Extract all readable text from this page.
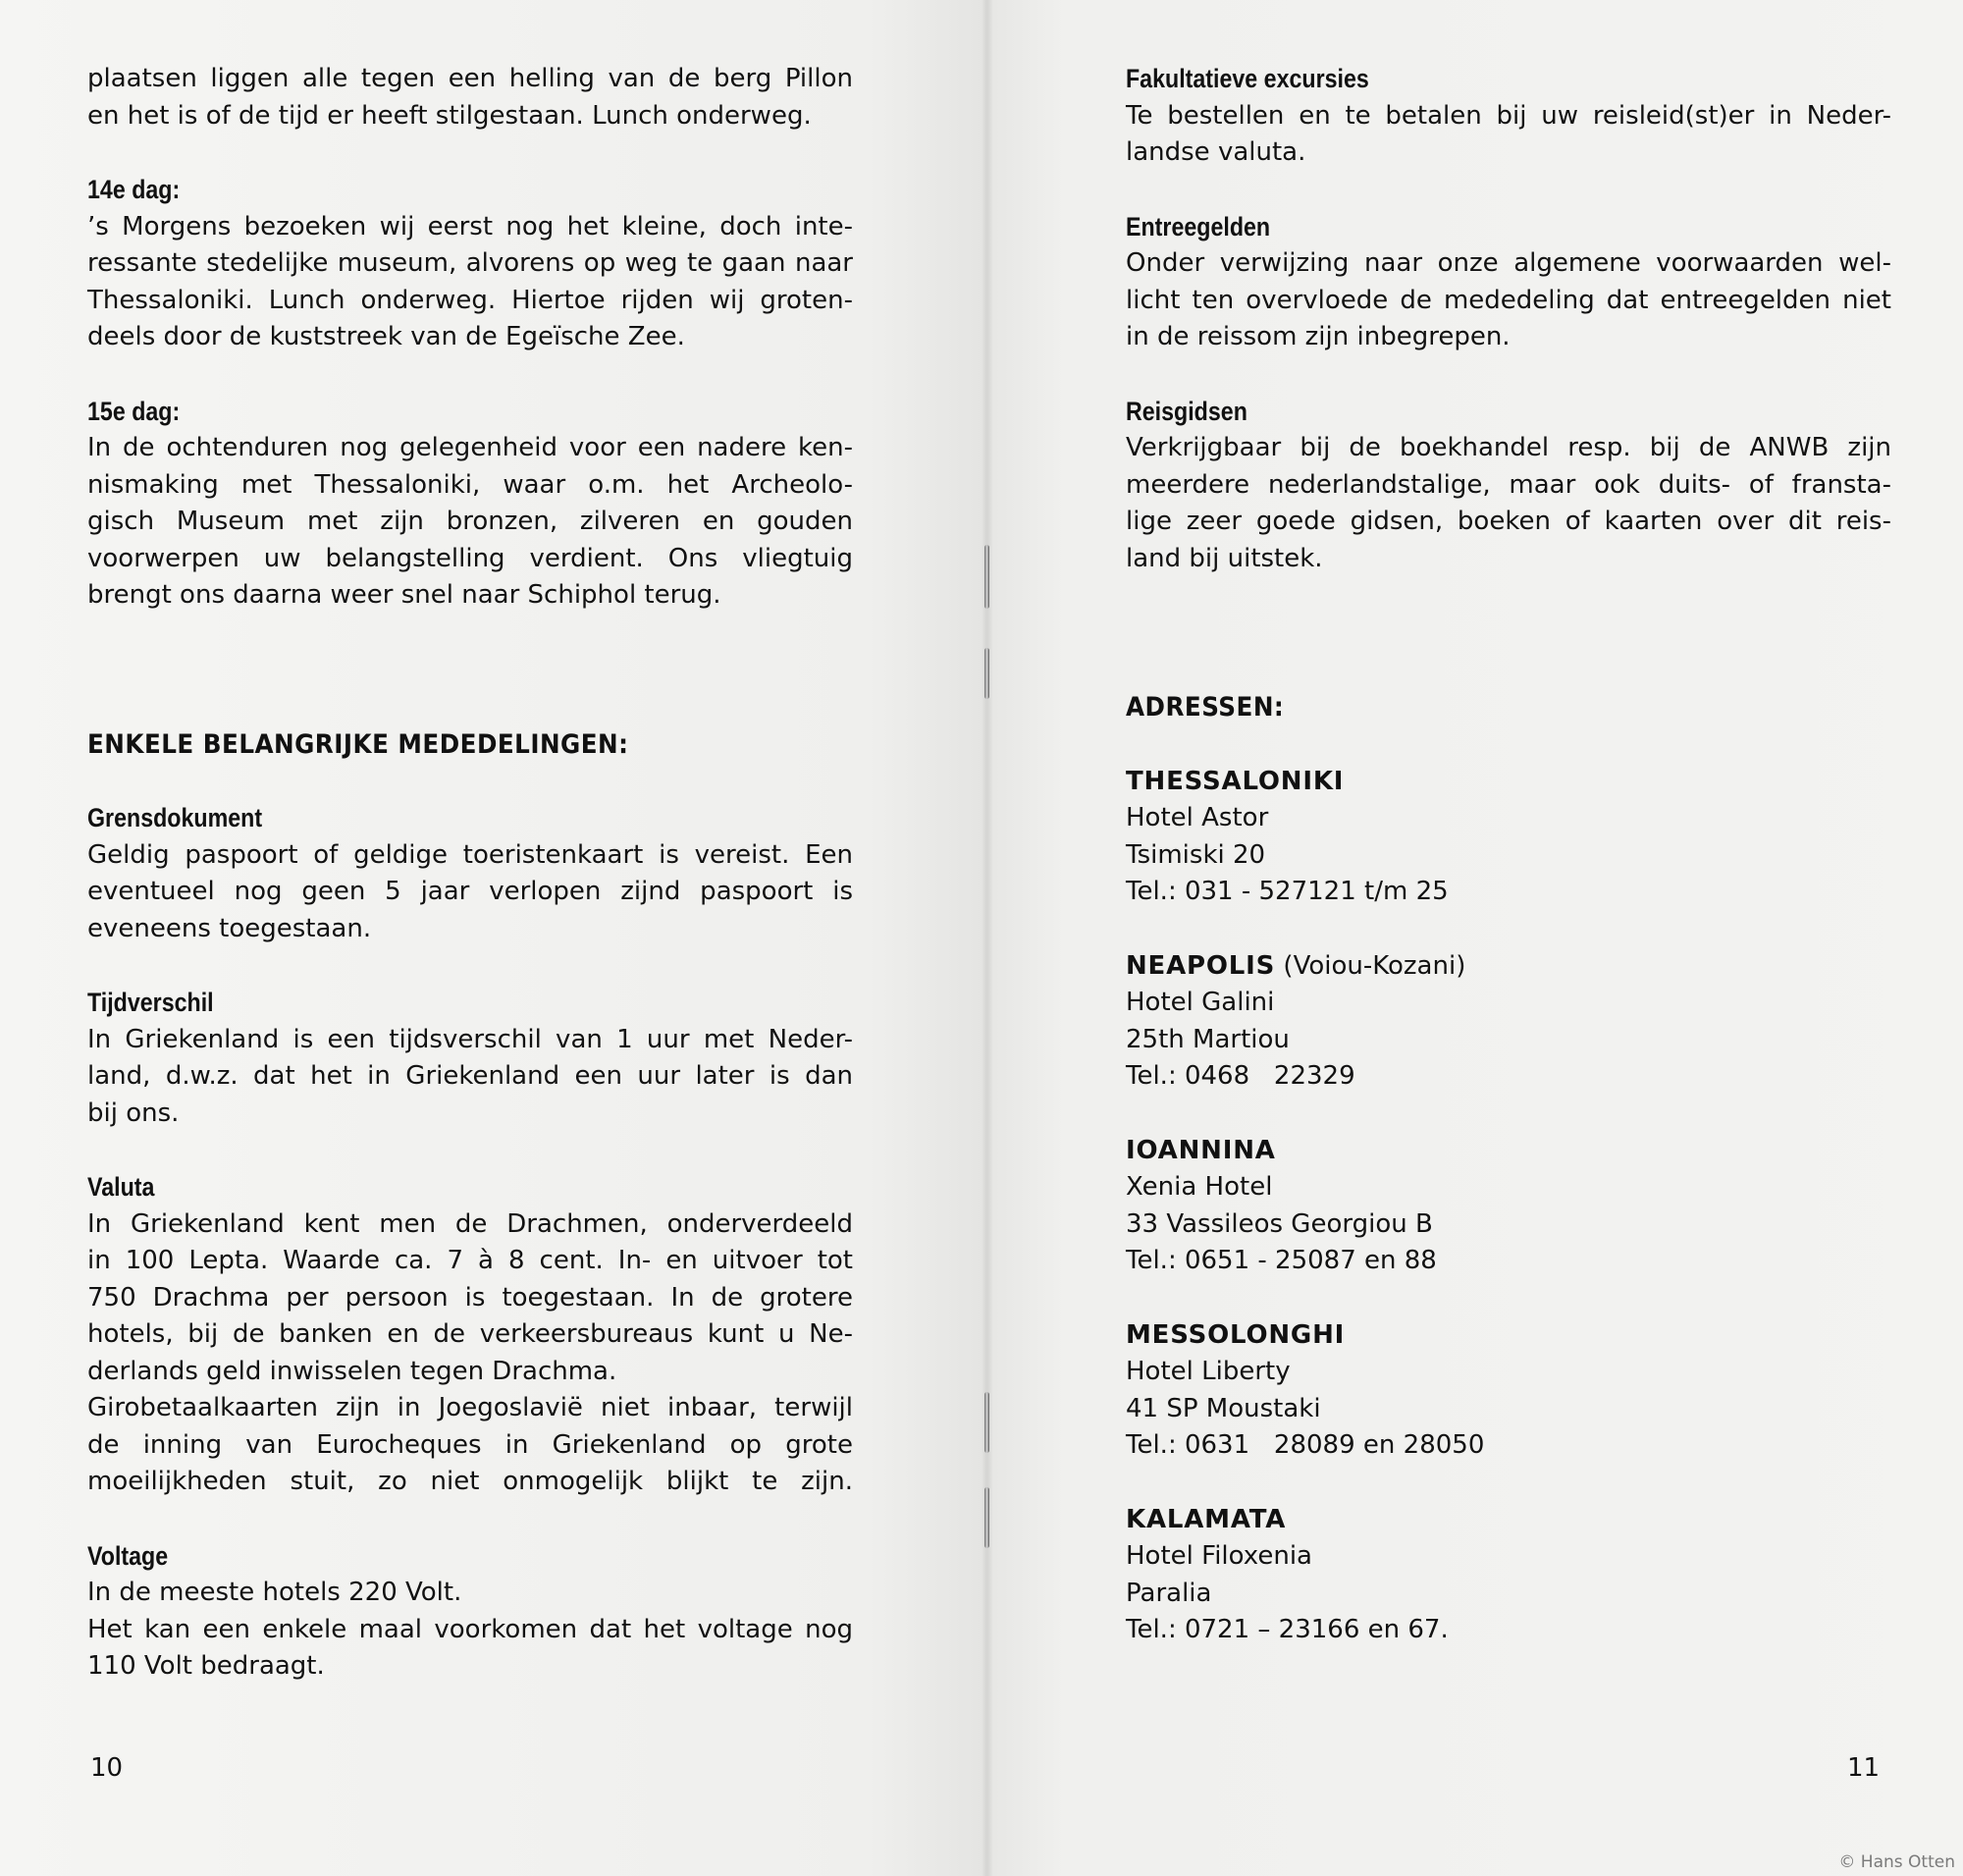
plaatsen liggen alle tegen een helling van de berg Pillon
en het is of de tijd er heeft stilgestaan. Lunch onderweg.
14e dag:
’s Morgens bezoeken wij eerst nog het kleine, doch inte-
ressante stedelijke museum, alvorens op weg te gaan naar
Thessaloniki. Lunch onderweg. Hiertoe rijden wij groten-
deels door de kuststreek van de Egeïsche Zee.
15e dag:
In de ochtenduren nog gelegenheid voor een nadere ken-
nismaking met Thessaloniki, waar o.m. het Archeolo-
gisch Museum met zijn bronzen, zilveren en gouden
voorwerpen uw belangstelling verdient. Ons vliegtuig
brengt ons daarna weer snel naar Schiphol terug.
ENKELE BELANGRIJKE MEDEDELINGEN:
Grensdokument
Geldig paspoort of geldige toeristenkaart is vereist. Een
eventueel nog geen 5 jaar verlopen zijnd paspoort is
eveneens toegestaan.
Tijdverschil
In Griekenland is een tijdsverschil van 1 uur met Neder-
land, d.w.z. dat het in Griekenland een uur later is dan
bij ons.
Valuta
In Griekenland kent men de Drachmen, onderverdeeld
in 100 Lepta. Waarde ca. 7 à 8 cent. In- en uitvoer tot
750 Drachma per persoon is toegestaan. In de grotere
hotels, bij de banken en de verkeersbureaus kunt u Ne-
derlands geld inwisselen tegen Drachma.
Girobetaalkaarten zijn in Joegoslavië niet inbaar, terwijl
de inning van Eurocheques in Griekenland op grote
moeilijkheden stuit, zo niet onmogelijk blijkt te zijn.
Voltage
In de meeste hotels 220 Volt.
Het kan een enkele maal voorkomen dat het voltage nog
110 Volt bedraagt.
Fakultatieve excursies
Te bestellen en te betalen bij uw reisleid(st)er in Neder-
landse valuta.
Entreegelden
Onder verwijzing naar onze algemene voorwaarden wel-
licht ten overvloede de mededeling dat entreegelden niet
in de reissom zijn inbegrepen.
Reisgidsen
Verkrijgbaar bij de boekhandel resp. bij de ANWB zijn
meerdere nederlandstalige, maar ook duits- of fransta-
lige zeer goede gidsen, boeken of kaarten over dit reis-
land bij uitstek.
ADRESSEN:
THESSALONIKI
Hotel Astor
Tsimiski 20
Tel.: 031 - 527121 t/m 25
NEAPOLIS (Voiou-Kozani)
Hotel Galini
25th Martiou
Tel.: 0468   22329
IOANNINA
Xenia Hotel
33 Vassileos Georgiou B
Tel.: 0651 - 25087 en 88
MESSOLONGHI
Hotel Liberty
41 SP Moustaki
Tel.: 0631   28089 en 28050
KALAMATA
Hotel Filoxenia
Paralia
Tel.: 0721 – 23166 en 67.
10	11
© Hans Otten
